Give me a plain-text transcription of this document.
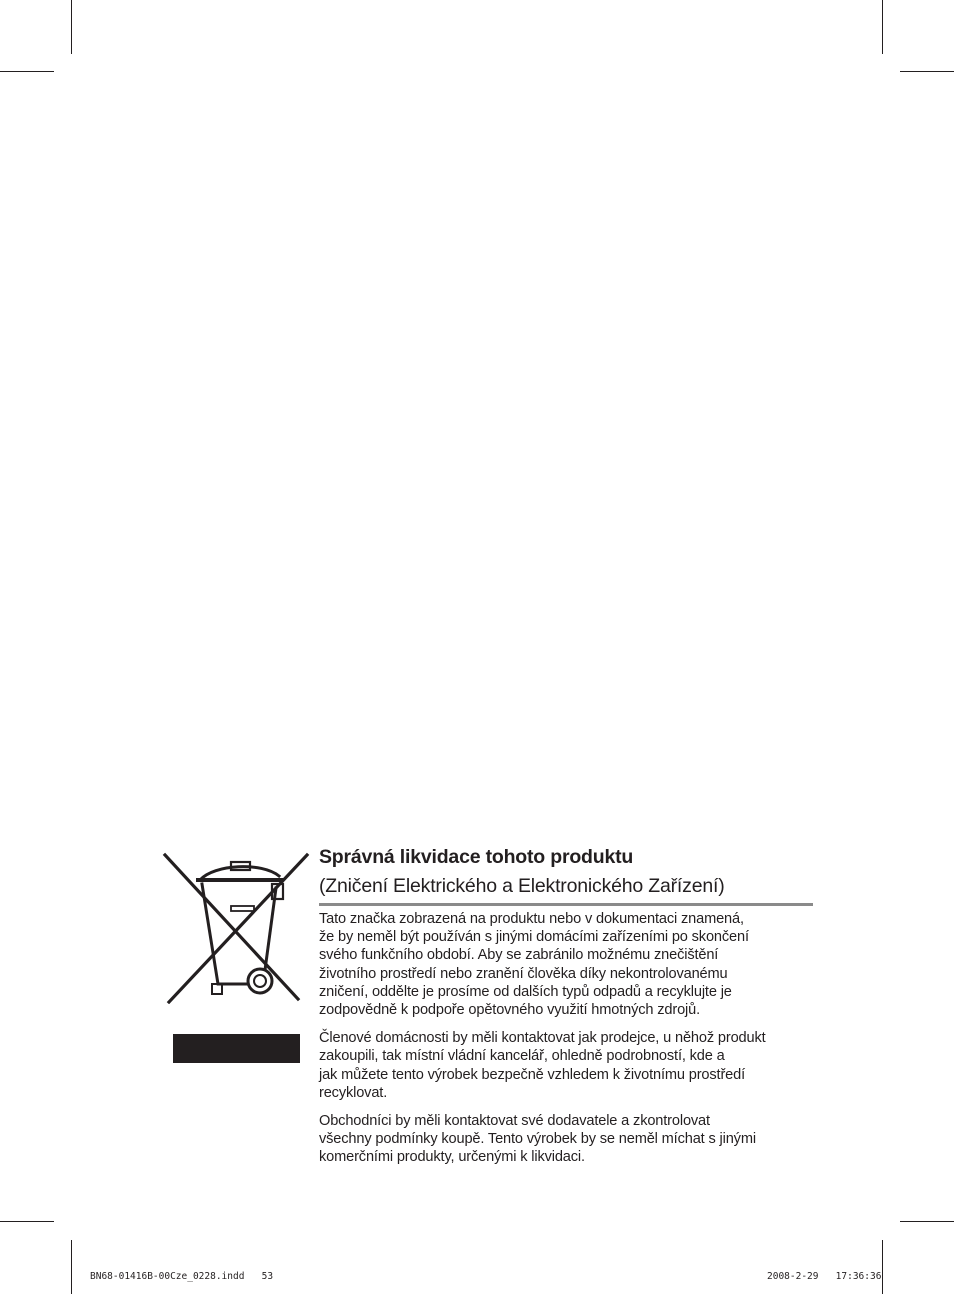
Správná likvidace tohoto produktu
(Zničení Elektrického a Elektronického Zařízení)

Tato značka zobrazená na produktu nebo v dokumentaci znamená,
že by neměl být používán s jinými domácími zařízeními po skončení
svého funkčního období. Aby se zabránilo možnému znečištění
životního prostředí nebo zranění člověka díky nekontrolovanému
zničení, oddělte je prosíme od dalších typů odpadů a recyklujte je
zodpovědně k podpoře opětovného využití hmotných zdrojů.

Členové domácnosti by měli kontaktovat jak prodejce, u něhož produkt
zakoupili, tak místní vládní kancelář, ohledně podrobností, kde a
jak můžete tento výrobek bezpečně vzhledem k životnímu prostředí
recyklovat.

Obchodníci by měli kontaktovat své dodavatele a zkontrolovat
všechny podmínky koupě. Tento výrobek by se neměl míchat s jinými
komerčními produkty, určenými k likvidaci.

BN68-01416B-00Cze_0228.indd 53	2008-2-29 17:36:36
